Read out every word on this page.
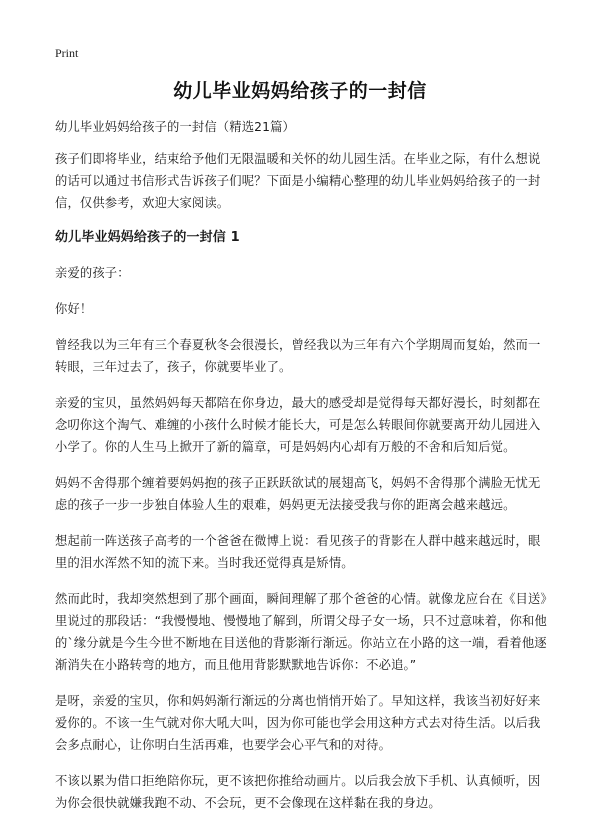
Print
幼儿毕业妈妈给孩子的一封信

幼儿毕业妈妈给孩子的一封信（精选21篇）

孩子们即将毕业，结束给予他们无限温暖和关怀的幼儿园生活。在毕业之际，有什么想说的话可以通过书信形式告诉孩子们呢？下面是小编精心整理的幼儿毕业妈妈给孩子的一封信，仅供参考，欢迎大家阅读。

幼儿毕业妈妈给孩子的一封信 1

亲爱的孩子：

你好！

曾经我以为三年有三个春夏秋冬会很漫长，曾经我以为三年有六个学期周而复始，然而一转眼，三年过去了，孩子，你就要毕业了。

亲爱的宝贝，虽然妈妈每天都陪在你身边，最大的感受却是觉得每天都好漫长，时刻都在念叨你这个淘气、难缠的小孩什么时候才能长大，可是怎么转眼间你就要离开幼儿园进入小学了。你的人生马上掀开了新的篇章，可是妈妈内心却有万般的不舍和后知后觉。

妈妈不舍得那个缠着要妈妈抱的孩子正跃跃欲试的展翅高飞，妈妈不舍得那个满脸无忧无虑的孩子一步一步独自体验人生的艰难，妈妈更无法接受我与你的距离会越来越远。

想起前一阵送孩子高考的一个爸爸在微博上说：看见孩子的背影在人群中越来越远时，眼里的泪水浑然不知的流下来。当时我还觉得真是矫情。

然而此时，我却突然想到了那个画面，瞬间理解了那个爸爸的心情。就像龙应台在《目送》里说过的那段话：“我慢慢地、慢慢地了解到，所谓父母子女一场，只不过意味着，你和他的`缘分就是今生今世不断地在目送他的背影渐行渐远。你站立在小路的这一端，看着他逐渐消失在小路转弯的地方，而且他用背影默默地告诉你：不必追。”

是呀，亲爱的宝贝，你和妈妈渐行渐远的分离也悄悄开始了。早知这样，我该当初好好来爱你的。不该一生气就对你大吼大叫，因为你可能也学会用这种方式去对待生活。以后我会多点耐心，让你明白生活再难，也要学会心平气和的对待。

不该以累为借口拒绝陪你玩，更不该把你推给动画片。以后我会放下手机、认真倾听，因为你会很快就嫌我跑不动、不会玩，更不会像现在这样黏在我的身边。
